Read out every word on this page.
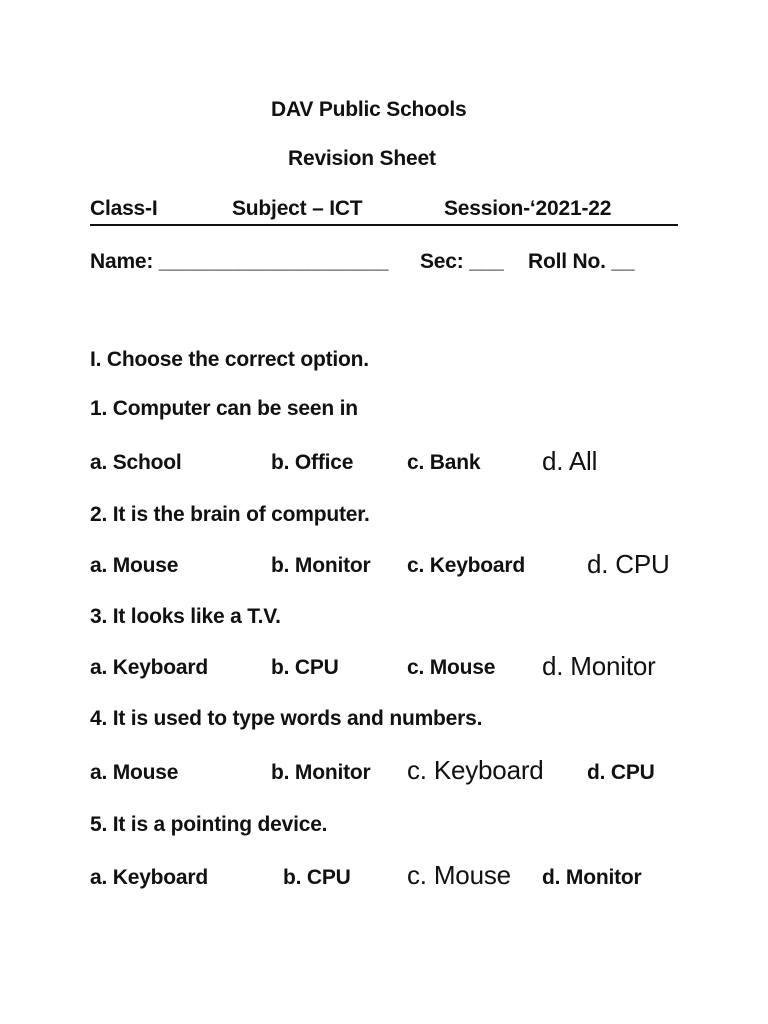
DAV Public Schools
Revision Sheet
Class-I	Subject – ICT	Session-‘2021-22
Name: ____________________ Sec: ___ Roll No. __
I. Choose the correct option.
1. Computer can be seen in
a. School	b. Office	c. Bank d. All
2. It is the brain of computer.
a. Mouse	b. Monitor c. Keyboard d. CPU
3. It looks like a T.V.
a. Keyboard	b. CPU	c. Mouse d. Monitor
4. It is used to type words and numbers.
a. Mouse	b. Monitor c. Keyboard d. CPU
5. It is a pointing device.
a. Keyboard	b. CPU c. Mouse d. Monitor
